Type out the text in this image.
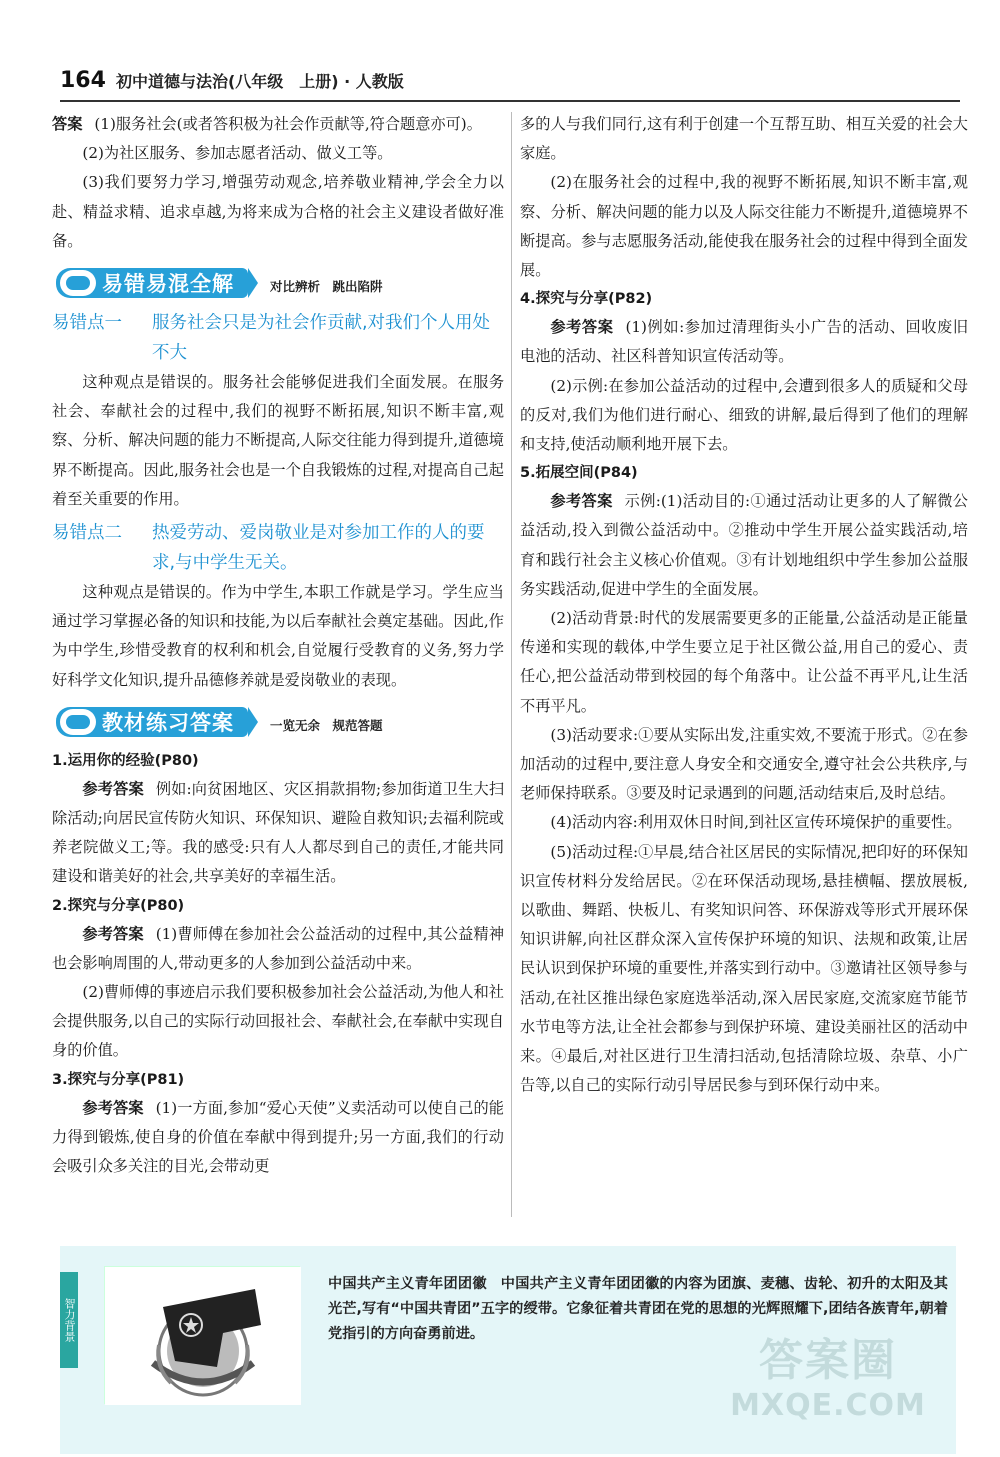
164 初中道德与法治(八年级　上册) · 人教版

答案 (1)服务社会(或者答积极为社会作贡献等,符合题意亦可)。

(2)为社区服务、参加志愿者活动、做义工等。

(3)我们要努力学习,增强劳动观念,培养敬业精神,学会全力以赴、精益求精、追求卓越,为将来成为合格的社会主义建设者做好准备。

易错易混全解	对比辨析　跳出陷阱
易错点一	服务社会只是为社会作贡献,对我们个人用处不大

这种观点是错误的。服务社会能够促进我们全面发展。在服务社会、奉献社会的过程中,我们的视野不断拓展,知识不断丰富,观察、分析、解决问题的能力不断提高,人际交往能力得到提升,道德境界不断提高。因此,服务社会也是一个自我锻炼的过程,对提高自己起着至关重要的作用。

易错点二	热爱劳动、爱岗敬业是对参加工作的人的要求,与中学生无关。

这种观点是错误的。作为中学生,本职工作就是学习。学生应当通过学习掌握必备的知识和技能,为以后奉献社会奠定基础。因此,作为中学生,珍惜受教育的权利和机会,自觉履行受教育的义务,努力学好科学文化知识,提升品德修养就是爱岗敬业的表现。

教材练习答案	一览无余　规范答题
1.运用你的经验(P80)

参考答案 例如:向贫困地区、灾区捐款捐物;参加街道卫生大扫除活动;向居民宣传防火知识、环保知识、避险自救知识;去福利院或养老院做义工;等。我的感受:只有人人都尽到自己的责任,才能共同建设和谐美好的社会,共享美好的幸福生活。

2.探究与分享(P80)

参考答案 (1)曹师傅在参加社会公益活动的过程中,其公益精神也会影响周围的人,带动更多的人参加到公益活动中来。

(2)曹师傅的事迹启示我们要积极参加社会公益活动,为他人和社会提供服务,以自己的实际行动回报社会、奉献社会,在奉献中实现自身的价值。

3.探究与分享(P81)

参考答案 (1)一方面,参加“爱心天使”义卖活动可以使自己的能力得到锻炼,使自身的价值在奉献中得到提升;另一方面,我们的行动会吸引众多关注的目光,会带动更

多的人与我们同行,这有利于创建一个互帮互助、相互关爱的社会大家庭。

(2)在服务社会的过程中,我的视野不断拓展,知识不断丰富,观察、分析、解决问题的能力以及人际交往能力不断提升,道德境界不断提高。参与志愿服务活动,能使我在服务社会的过程中得到全面发展。

4.探究与分享(P82)

参考答案 (1)例如:参加过清理街头小广告的活动、回收废旧电池的活动、社区科普知识宣传活动等。

(2)示例:在参加公益活动的过程中,会遭到很多人的质疑和父母的反对,我们为他们进行耐心、细致的讲解,最后得到了他们的理解和支持,使活动顺利地开展下去。

5.拓展空间(P84)

参考答案 示例:(1)活动目的:①通过活动让更多的人了解微公益活动,投入到微公益活动中。②推动中学生开展公益实践活动,培育和践行社会主义核心价值观。③有计划地组织中学生参加公益服务实践活动,促进中学生的全面发展。

(2)活动背景:时代的发展需要更多的正能量,公益活动是正能量传递和实现的载体,中学生要立足于社区微公益,用自己的爱心、责任心,把公益活动带到校园的每个角落中。让公益不再平凡,让生活不再平凡。

(3)活动要求:①要从实际出发,注重实效,不要流于形式。②在参加活动的过程中,要注意人身安全和交通安全,遵守社会公共秩序,与老师保持联系。③要及时记录遇到的问题,活动结束后,及时总结。

(4)活动内容:利用双休日时间,到社区宣传环境保护的重要性。

(5)活动过程:①早晨,结合社区居民的实际情况,把印好的环保知识宣传材料分发给居民。②在环保活动现场,悬挂横幅、摆放展板,以歌曲、舞蹈、快板儿、有奖知识问答、环保游戏等形式开展环保知识讲解,向社区群众深入宣传保护环境的知识、法规和政策,让居民认识到保护环境的重要性,并落实到行动中。③邀请社区领导参与活动,在社区推出绿色家庭选举活动,深入居民家庭,交流家庭节能节水节电等方法,让全社会都参与到保护环境、建设美丽社区的活动中来。④最后,对社区进行卫生清扫活动,包括清除垃圾、杂草、小广告等,以自己的实际行动引导居民参与到环保行动中来。

智力背景
中国共产主义青年团团徽 中国共产主义青年团团徽的内容为团旗、麦穗、齿轮、初升的太阳及其光芒,写有“中国共青团”五字的绶带。它象征着共青团在党的思想的光辉照耀下,团结各族青年,朝着党指引的方向奋勇前进。
答案圈
MXQE.COM
